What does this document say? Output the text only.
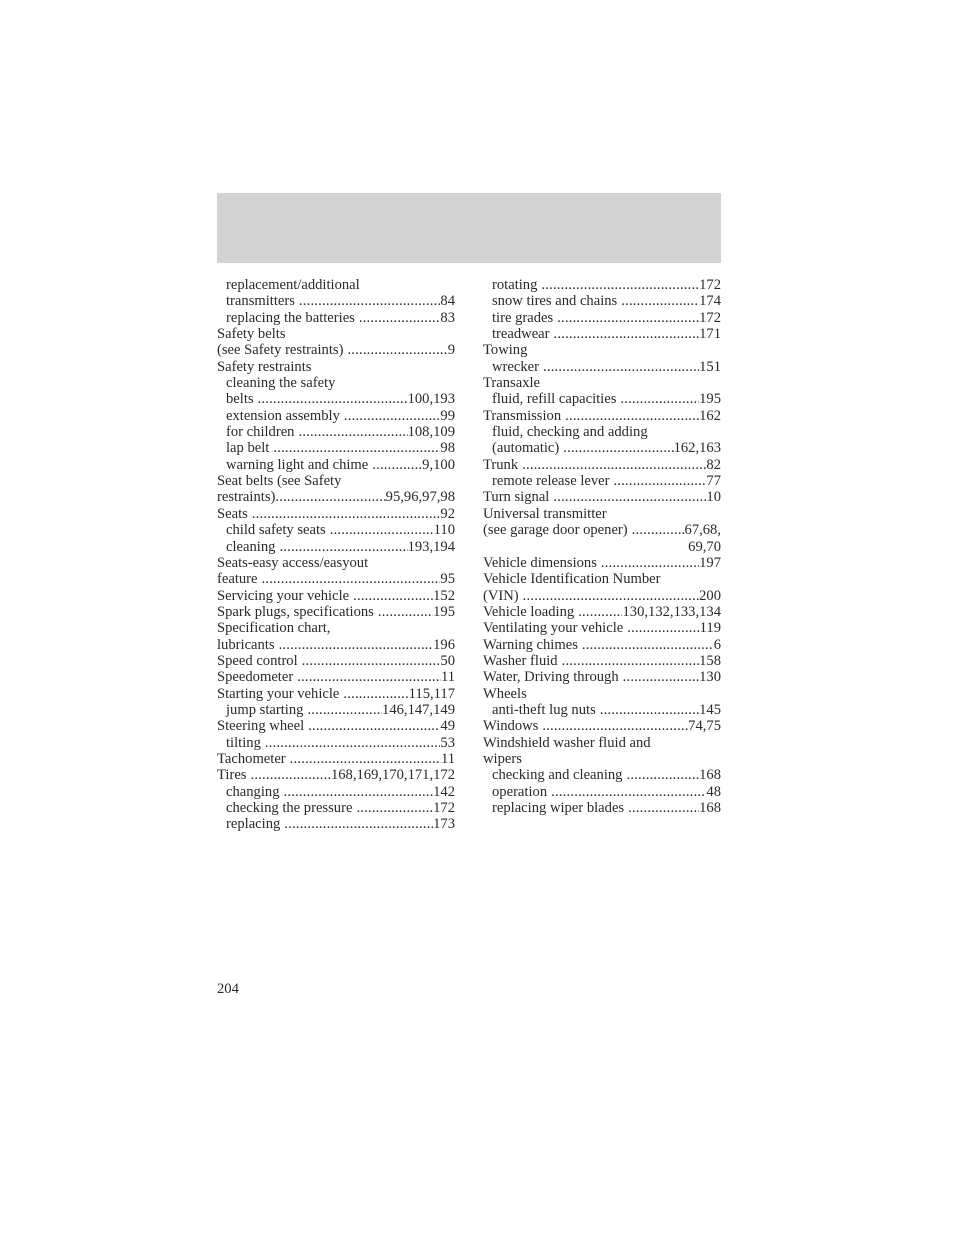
replacement/additional
transmitters .....	84
replacing the batteries .....	83
Safety belts
(see Safety restraints) .....	9
Safety restraints
cleaning the safety
belts .....	100,193
extension assembly .....	99
for children .....	108,109
lap belt .....	98
warning light and chime .....	9,100
Seat belts (see Safety
restraints) .....	95,96,97,98
Seats .....	92
child safety seats .....	110
cleaning .....	193,194
Seats-easy access/easyout
feature .....	95
Servicing your vehicle .....	152
Spark plugs, specifications .....	195
Specification chart,
lubricants .....	196
Speed control .....	50
Speedometer .....	11
Starting your vehicle .....	115,117
jump starting .....	146,147,149
Steering wheel .....	49
tilting .....	53
Tachometer .....	11
Tires .....	168,169,170,171,172
changing .....	142
checking the pressure .....	172
replacing .....	173
rotating .....	172
snow tires and chains .....	174
tire grades .....	172
treadwear .....	171
Towing
wrecker .....	151
Transaxle
fluid, refill capacities .....	195
Transmission .....	162
fluid, checking and adding
(automatic) .....	162,163
Trunk .....	82
remote release lever .....	77
Turn signal .....	10
Universal transmitter
(see garage door opener) .....	67,68,
69,70
Vehicle dimensions .....	197
Vehicle Identification Number
(VIN) .....	200
Vehicle loading .....	130,132,133,134
Ventilating your vehicle .....	119
Warning chimes .....	6
Washer fluid .....	158
Water, Driving through .....	130
Wheels
anti-theft lug nuts .....	145
Windows .....	74,75
Windshield washer fluid and
wipers
checking and cleaning .....	168
operation .....	48
replacing wiper blades .....	168
204
